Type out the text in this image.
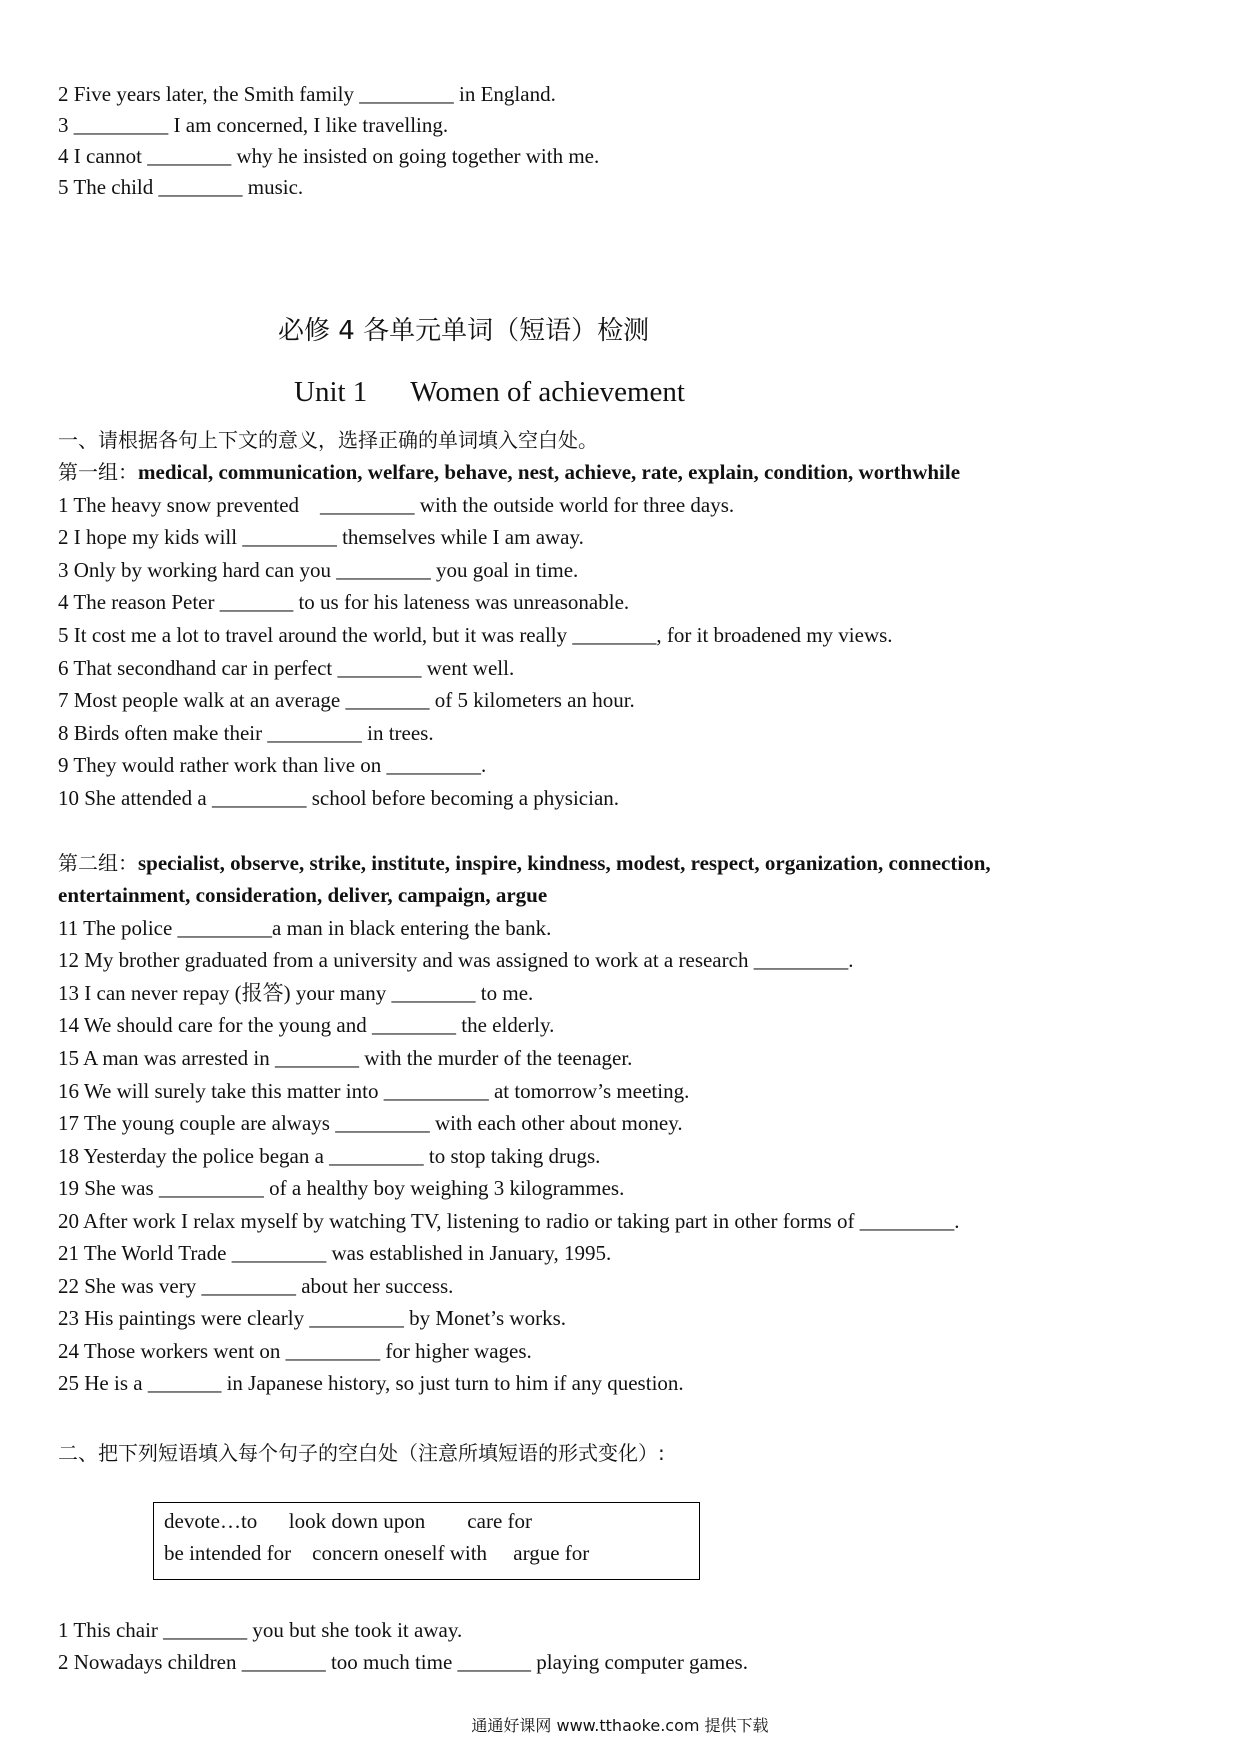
2 Five years later, the Smith family _________ in England.
3 _________ I am concerned, I like travelling.
4 I cannot ________ why he insisted on going together with me.
5 The child ________ music.
必修 4 各单元单词（短语）检测
Unit 1      Women of achievement
一、请根据各句上下文的意义，选择正确的单词填入空白处。
第一组：medical, communication, welfare, behave, nest, achieve, rate, explain, condition, worthwhile
1 The heavy snow prevented    _________ with the outside world for three days.
2 I hope my kids will _________ themselves while I am away.
3 Only by working hard can you _________ you goal in time.
4 The reason Peter _______ to us for his lateness was unreasonable.
5 It cost me a lot to travel around the world, but it was really ________, for it broadened my views.
6 That secondhand car in perfect ________ went well.
7 Most people walk at an average ________ of 5 kilometers an hour.
8 Birds often make their _________ in trees.
9 They would rather work than live on _________.
10 She attended a _________ school before becoming a physician.
第二组：specialist, observe, strike, institute, inspire, kindness, modest, respect, organization, connection,
entertainment, consideration, deliver, campaign, argue
11 The police _________a man in black entering the bank.
12 My brother graduated from a university and was assigned to work at a research _________.
13 I can never repay (报答) your many ________ to me.
14 We should care for the young and ________ the elderly.
15 A man was arrested in ________ with the murder of the teenager.
16 We will surely take this matter into __________ at tomorrow’s meeting.
17 The young couple are always _________ with each other about money.
18 Yesterday the police began a _________ to stop taking drugs.
19 She was __________ of a healthy boy weighing 3 kilogrammes.
20 After work I relax myself by watching TV, listening to radio or taking part in other forms of _________.
21 The World Trade _________ was established in January, 1995.
22 She was very _________ about her success.
23 His paintings were clearly _________ by Monet’s works.
24 Those workers went on _________ for higher wages.
25 He is a _______ in Japanese history, so just turn to him if any question.
二、把下列短语填入每个句子的空白处（注意所填短语的形式变化）:
devote…to      look down upon        care for
be intended for    concern oneself with     argue for
1 This chair ________ you but she took it away.
2 Nowadays children ________ too much time _______ playing computer games.
通通好课网 www.tthaoke.com 提供下载
